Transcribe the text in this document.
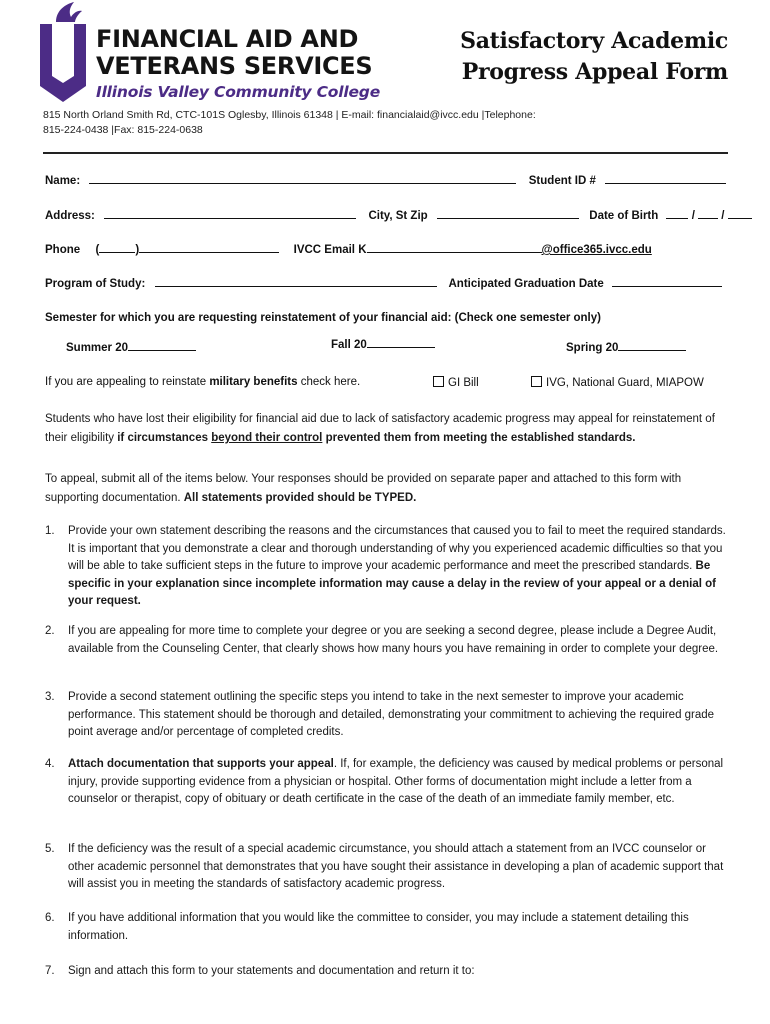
FINANCIAL AID AND
VETERANS SERVICES
Illinois Valley Community College
Satisfactory Academic
Progress Appeal Form
815 North Orland Smith Rd, CTC-101S Oglesby, Illinois 61348 | E-mail: financialaid@ivcc.edu |Telephone:
815-224-0438 |Fax: 815-224-0638
Name:	Student ID #
Address:	City, St Zip	Date of Birth	/ /
Phone (	)	IVCC Email K	@office365.ivcc.edu
Program of Study:	Anticipated Graduation Date
Semester for which you are requesting reinstatement of your financial aid: (Check one semester only)
Summer 20	Fall 20	Spring 20
If you are appealing to reinstate military benefits check here.	GI Bill	IVG, National Guard, MIAPOW
Students who have lost their eligibility for financial aid due to lack of satisfactory academic progress may appeal for reinstatement of their eligibility if circumstances beyond their control prevented them from meeting the established standards.
To appeal, submit all of the items below. Your responses should be provided on separate paper and attached to this form with supporting documentation. All statements provided should be TYPED.
1.	Provide your own statement describing the reasons and the circumstances that caused you to fail to meet the required standards. It is important that you demonstrate a clear and thorough understanding of why you experienced academic difficulties so that you will be able to take sufficient steps in the future to improve your academic performance and meet the prescribed standards. Be specific in your explanation since incomplete information may cause a delay in the review of your appeal or a denial of your request.
2.	If you are appealing for more time to complete your degree or you are seeking a second degree, please include a Degree Audit, available from the Counseling Center, that clearly shows how many hours you have remaining in order to complete your degree.
3.	Provide a second statement outlining the specific steps you intend to take in the next semester to improve your academic performance. This statement should be thorough and detailed, demonstrating your commitment to achieving the required grade point average and/or percentage of completed credits.
4.	Attach documentation that supports your appeal. If, for example, the deficiency was caused by medical problems or personal injury, provide supporting evidence from a physician or hospital. Other forms of documentation might include a letter from a counselor or therapist, copy of obituary or death certificate in the case of the death of an immediate family member, etc.
5.	If the deficiency was the result of a special academic circumstance, you should attach a statement from an IVCC counselor or other academic personnel that demonstrates that you have sought their assistance in developing a plan of academic support that will assist you in meeting the standards of satisfactory academic progress.
6.	If you have additional information that you would like the committee to consider, you may include a statement detailing this information.
7.	Sign and attach this form to your statements and documentation and return it to:
